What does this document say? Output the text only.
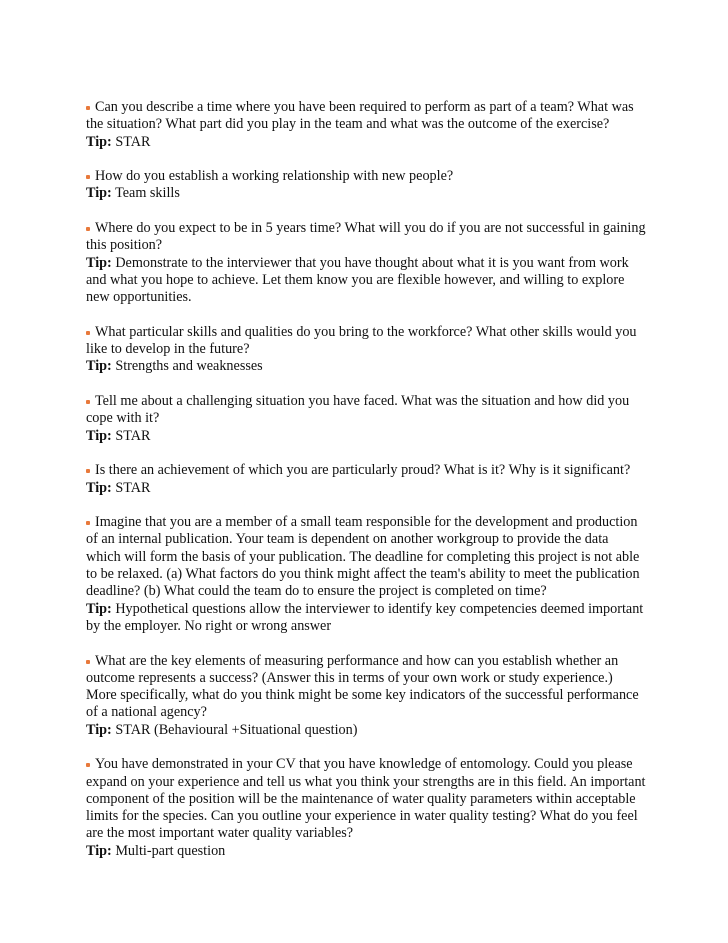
Can you describe a time where you have been required to perform as part of a team? What was the situation? What part did you play in the team and what was the outcome of the exercise?
Tip: STAR
How do you establish a working relationship with new people?
Tip: Team skills
Where do you expect to be in 5 years time? What will you do if you are not successful in gaining this position?
Tip: Demonstrate to the interviewer that you have thought about what it is you want from work and what you hope to achieve. Let them know you are flexible however, and willing to explore new opportunities.
What particular skills and qualities do you bring to the workforce? What other skills would you like to develop in the future?
Tip: Strengths and weaknesses
Tell me about a challenging situation you have faced. What was the situation and how did you cope with it?
Tip: STAR
Is there an achievement of which you are particularly proud? What is it? Why is it significant?
Tip: STAR
Imagine that you are a member of a small team responsible for the development and production of an internal publication. Your team is dependent on another workgroup to provide the data which will form the basis of your publication. The deadline for completing this project is not able to be relaxed. (a) What factors do you think might affect the team's ability to meet the publication deadline? (b) What could the team do to ensure the project is completed on time?
Tip: Hypothetical questions allow the interviewer to identify key competencies deemed important by the employer. No right or wrong answer
What are the key elements of measuring performance and how can you establish whether an outcome represents a success? (Answer this in terms of your own work or study experience.) More specifically, what do you think might be some key indicators of the successful performance of a national agency?
Tip: STAR (Behavioural +Situational question)
You have demonstrated in your CV that you have knowledge of entomology. Could you please expand on your experience and tell us what you think your strengths are in this field. An important component of the position will be the maintenance of water quality parameters within acceptable limits for the species. Can you outline your experience in water quality testing? What do you feel are the most important water quality variables?
Tip: Multi-part question
